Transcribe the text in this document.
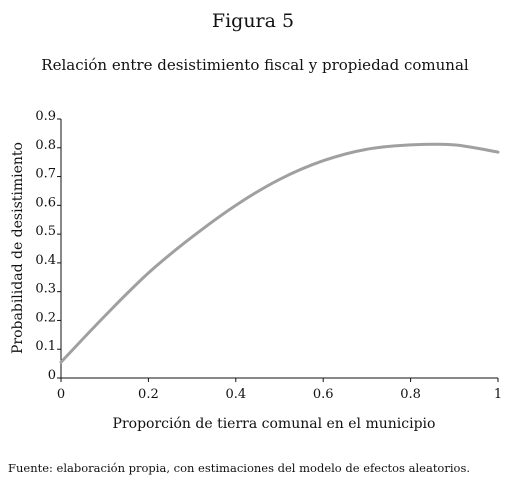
Figura 5
Relación entre desistimiento fiscal y propiedad comunal
0
0.1
0.2
0.3
0.4
0.5
0.6
0.7
0.8
0.9
0	0.2	0.4	0.6	0.8	1
Proporción de tierra comunal en el municipio
Probabilidad de desistimiento
Fuente: elaboración propia, con estimaciones del modelo de efectos aleatorios.
